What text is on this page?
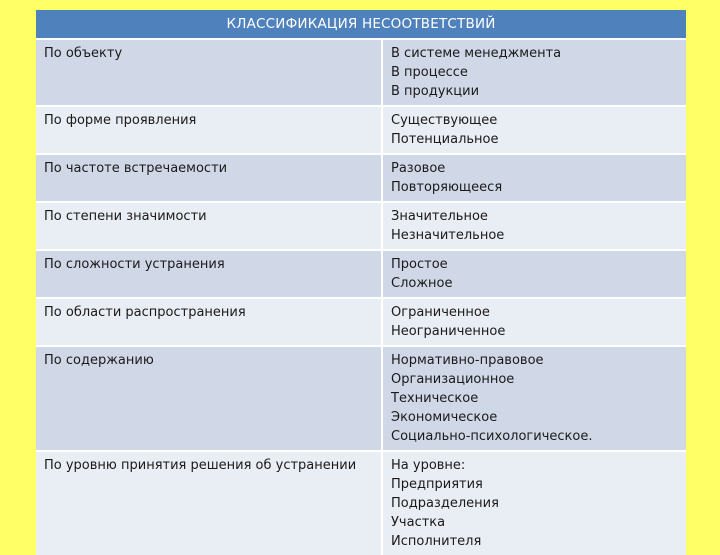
КЛАССИФИКАЦИЯ НЕСООТВЕТСТВИЙ	
По объекту	В системе менеджмента
В процессе
В продукции

По форме проявления	Существующее
Потенциальное

По частоте встречаемости	Разовое
Повторяющееся

По степени значимости	Значительное
Незначительное

По сложности устранения	Простое
Сложное

По области распространения	Ограниченное
Неограниченное

По содержанию	Нормативно-правовое
Организационное
Техническое
Экономическое
Социально-психологическое.

По уровню принятия решения об устранении	На уровне:
Предприятия
Подразделения
Участка
Исполнителя
